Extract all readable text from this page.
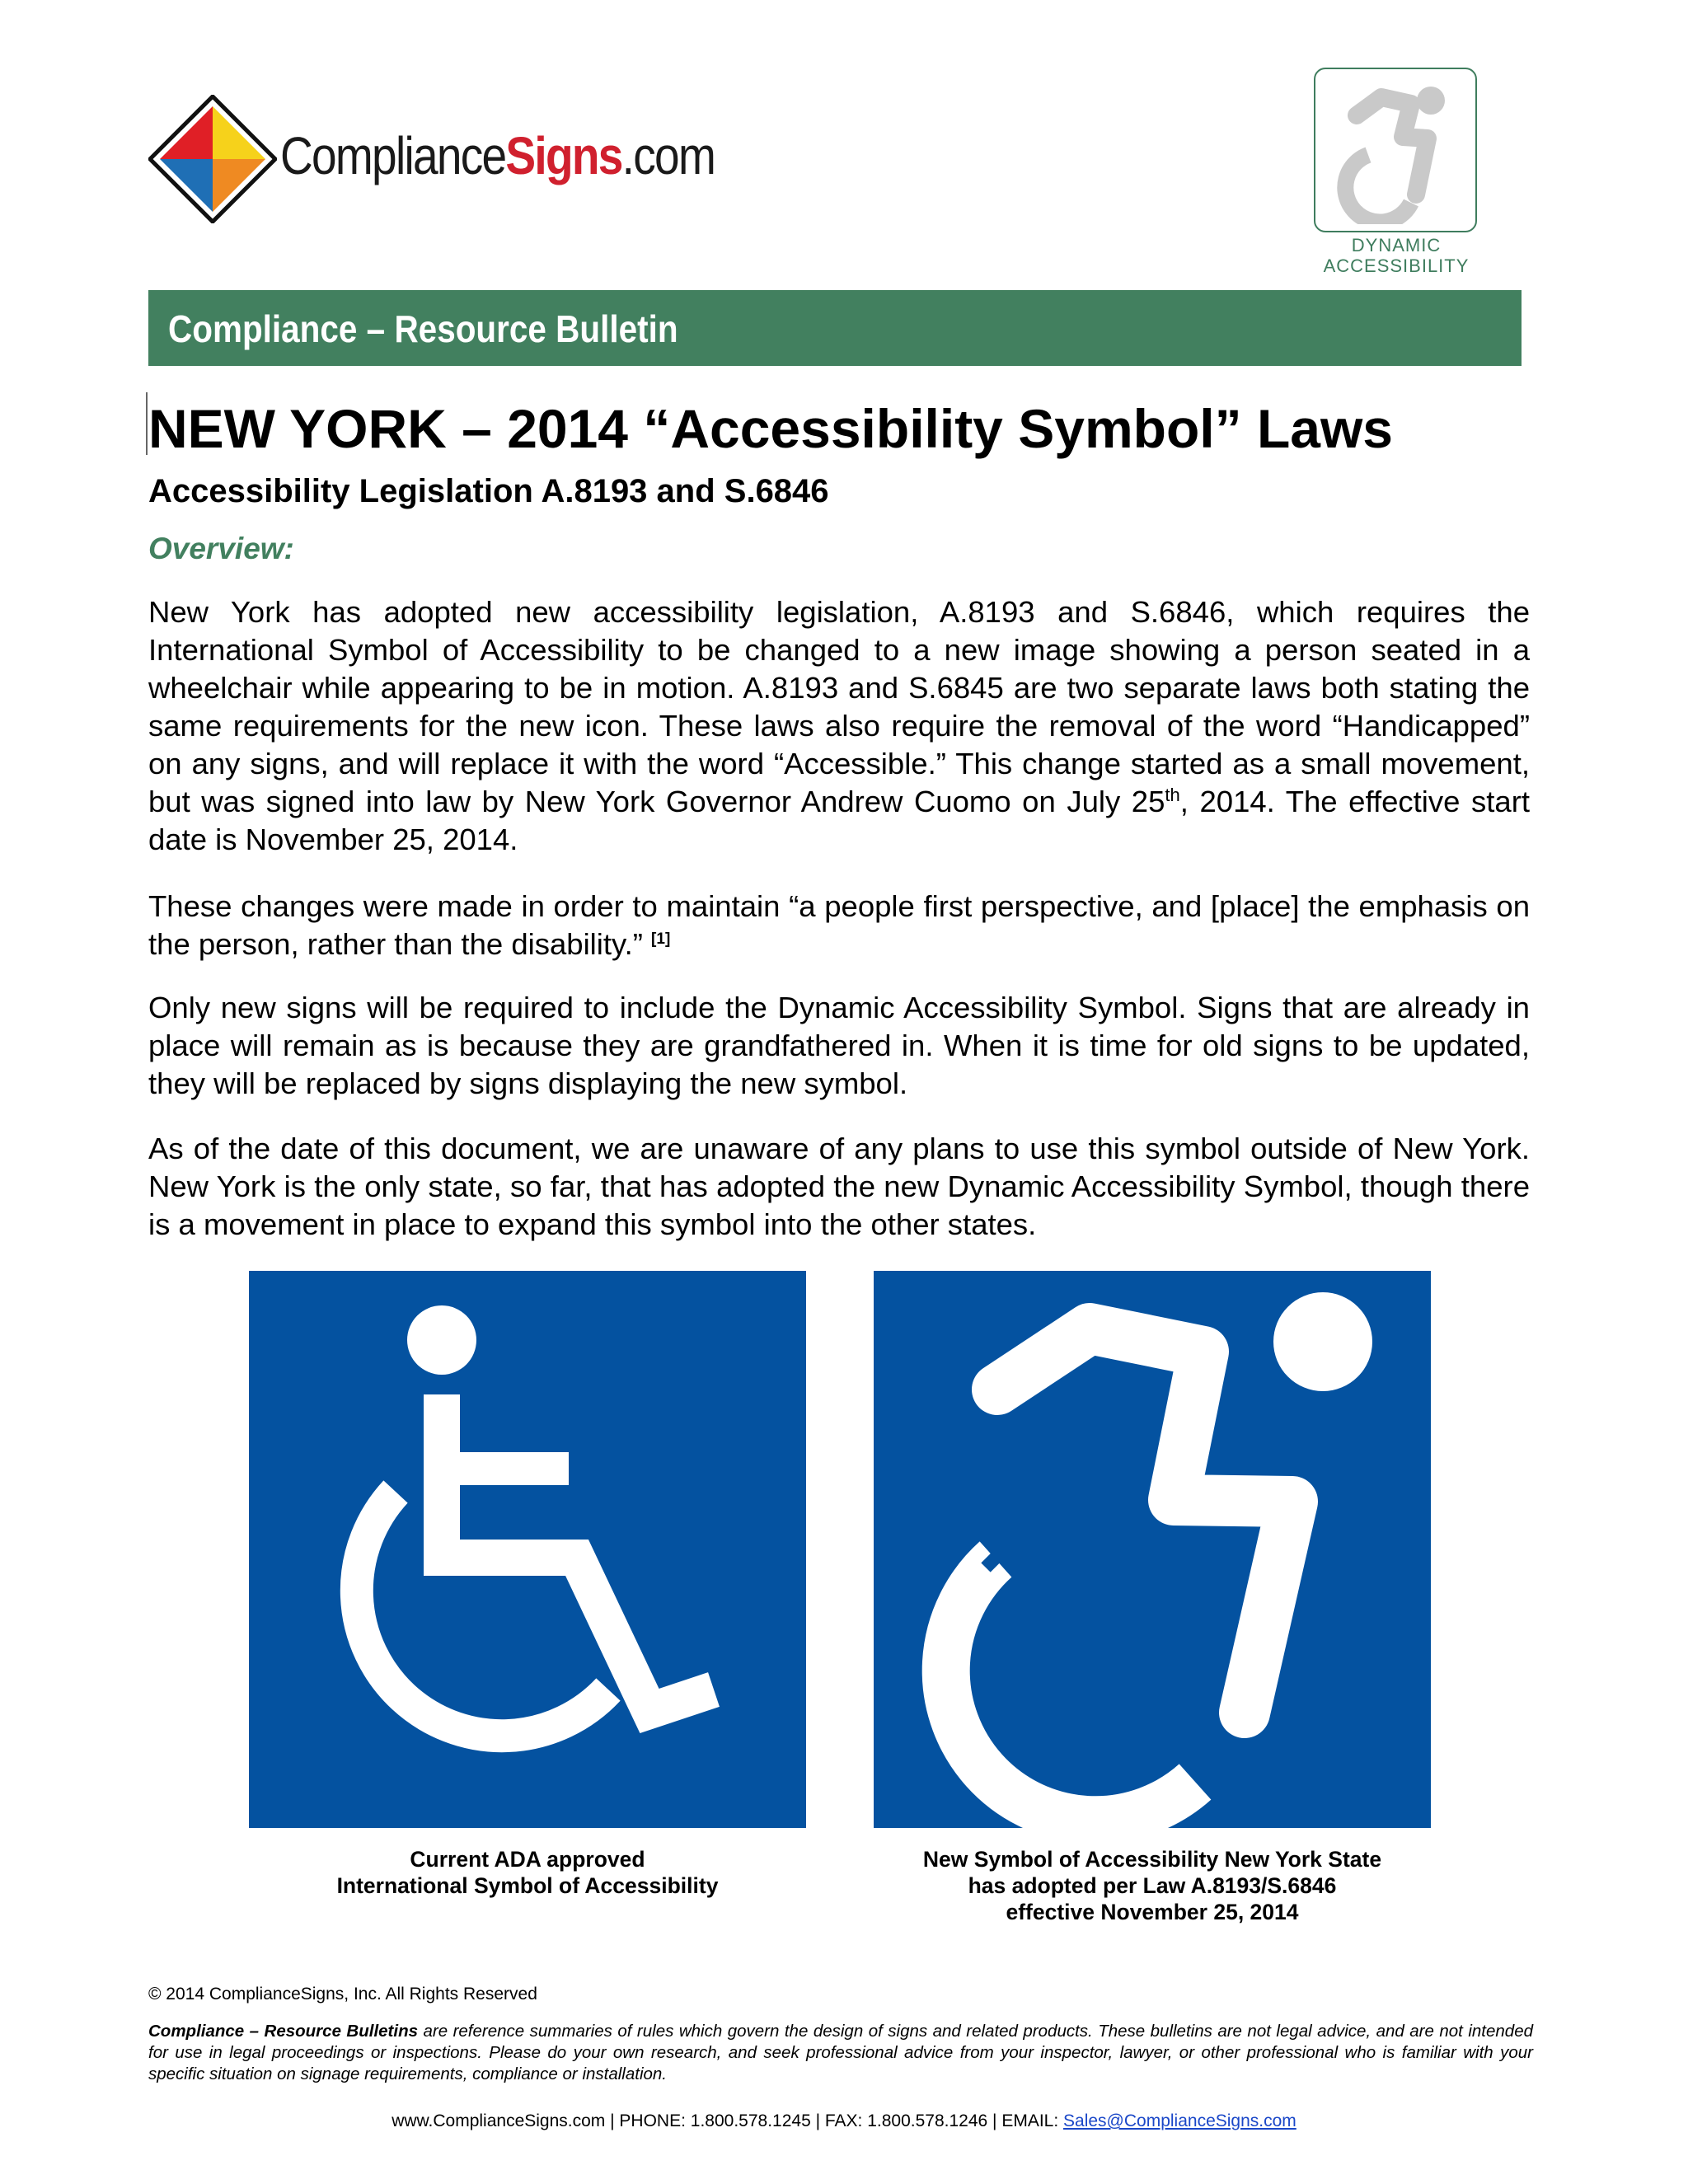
ComplianceSigns.com
DYNAMIC
ACCESSIBILITY
Compliance – Resource Bulletin
NEW YORK – 2014 “Accessibility Symbol” Laws
Accessibility Legislation A.8193 and S.6846
Overview:

New York has adopted new accessibility legislation, A.8193 and S.6846, which requires the International Symbol of Accessibility to be changed to a new image showing a person seated in a wheelchair while appearing to be in motion. A.8193 and S.6845 are two separate laws both stating the same requirements for the new icon. These laws also require the removal of the word “Handicapped” on any signs, and will replace it with the word “Accessible.” This change started as a small movement, but was signed into law by New York Governor Andrew Cuomo on July 25th, 2014. The effective start date is November 25, 2014.

These changes were made in order to maintain “a people first perspective, and [place] the emphasis on the person, rather than the disability.” [1]

Only new signs will be required to include the Dynamic Accessibility Symbol. Signs that are already in place will remain as is because they are grandfathered in. When it is time for old signs to be updated, they will be replaced by signs displaying the new symbol.

As of the date of this document, we are unaware of any plans to use this symbol outside of New York. New York is the only state, so far, that has adopted the new Dynamic Accessibility Symbol, though there is a movement in place to expand this symbol into the other states.

Current ADA approved
International Symbol of Accessibility
New Symbol of Accessibility New York State
has adopted per Law A.8193/S.6846
effective November 25, 2014
© 2014 ComplianceSigns, Inc. All Rights Reserved

Compliance – Resource Bulletins are reference summaries of rules which govern the design of signs and related products. These bulletins are not legal advice, and are not intended for use in legal proceedings or inspections. Please do your own research, and seek professional advice from your inspector, lawyer, or other professional who is familiar with your specific situation on signage requirements, compliance or installation.

www.ComplianceSigns.com | PHONE: 1.800.578.1245 | FAX: 1.800.578.1246 | EMAIL: Sales@ComplianceSigns.com
